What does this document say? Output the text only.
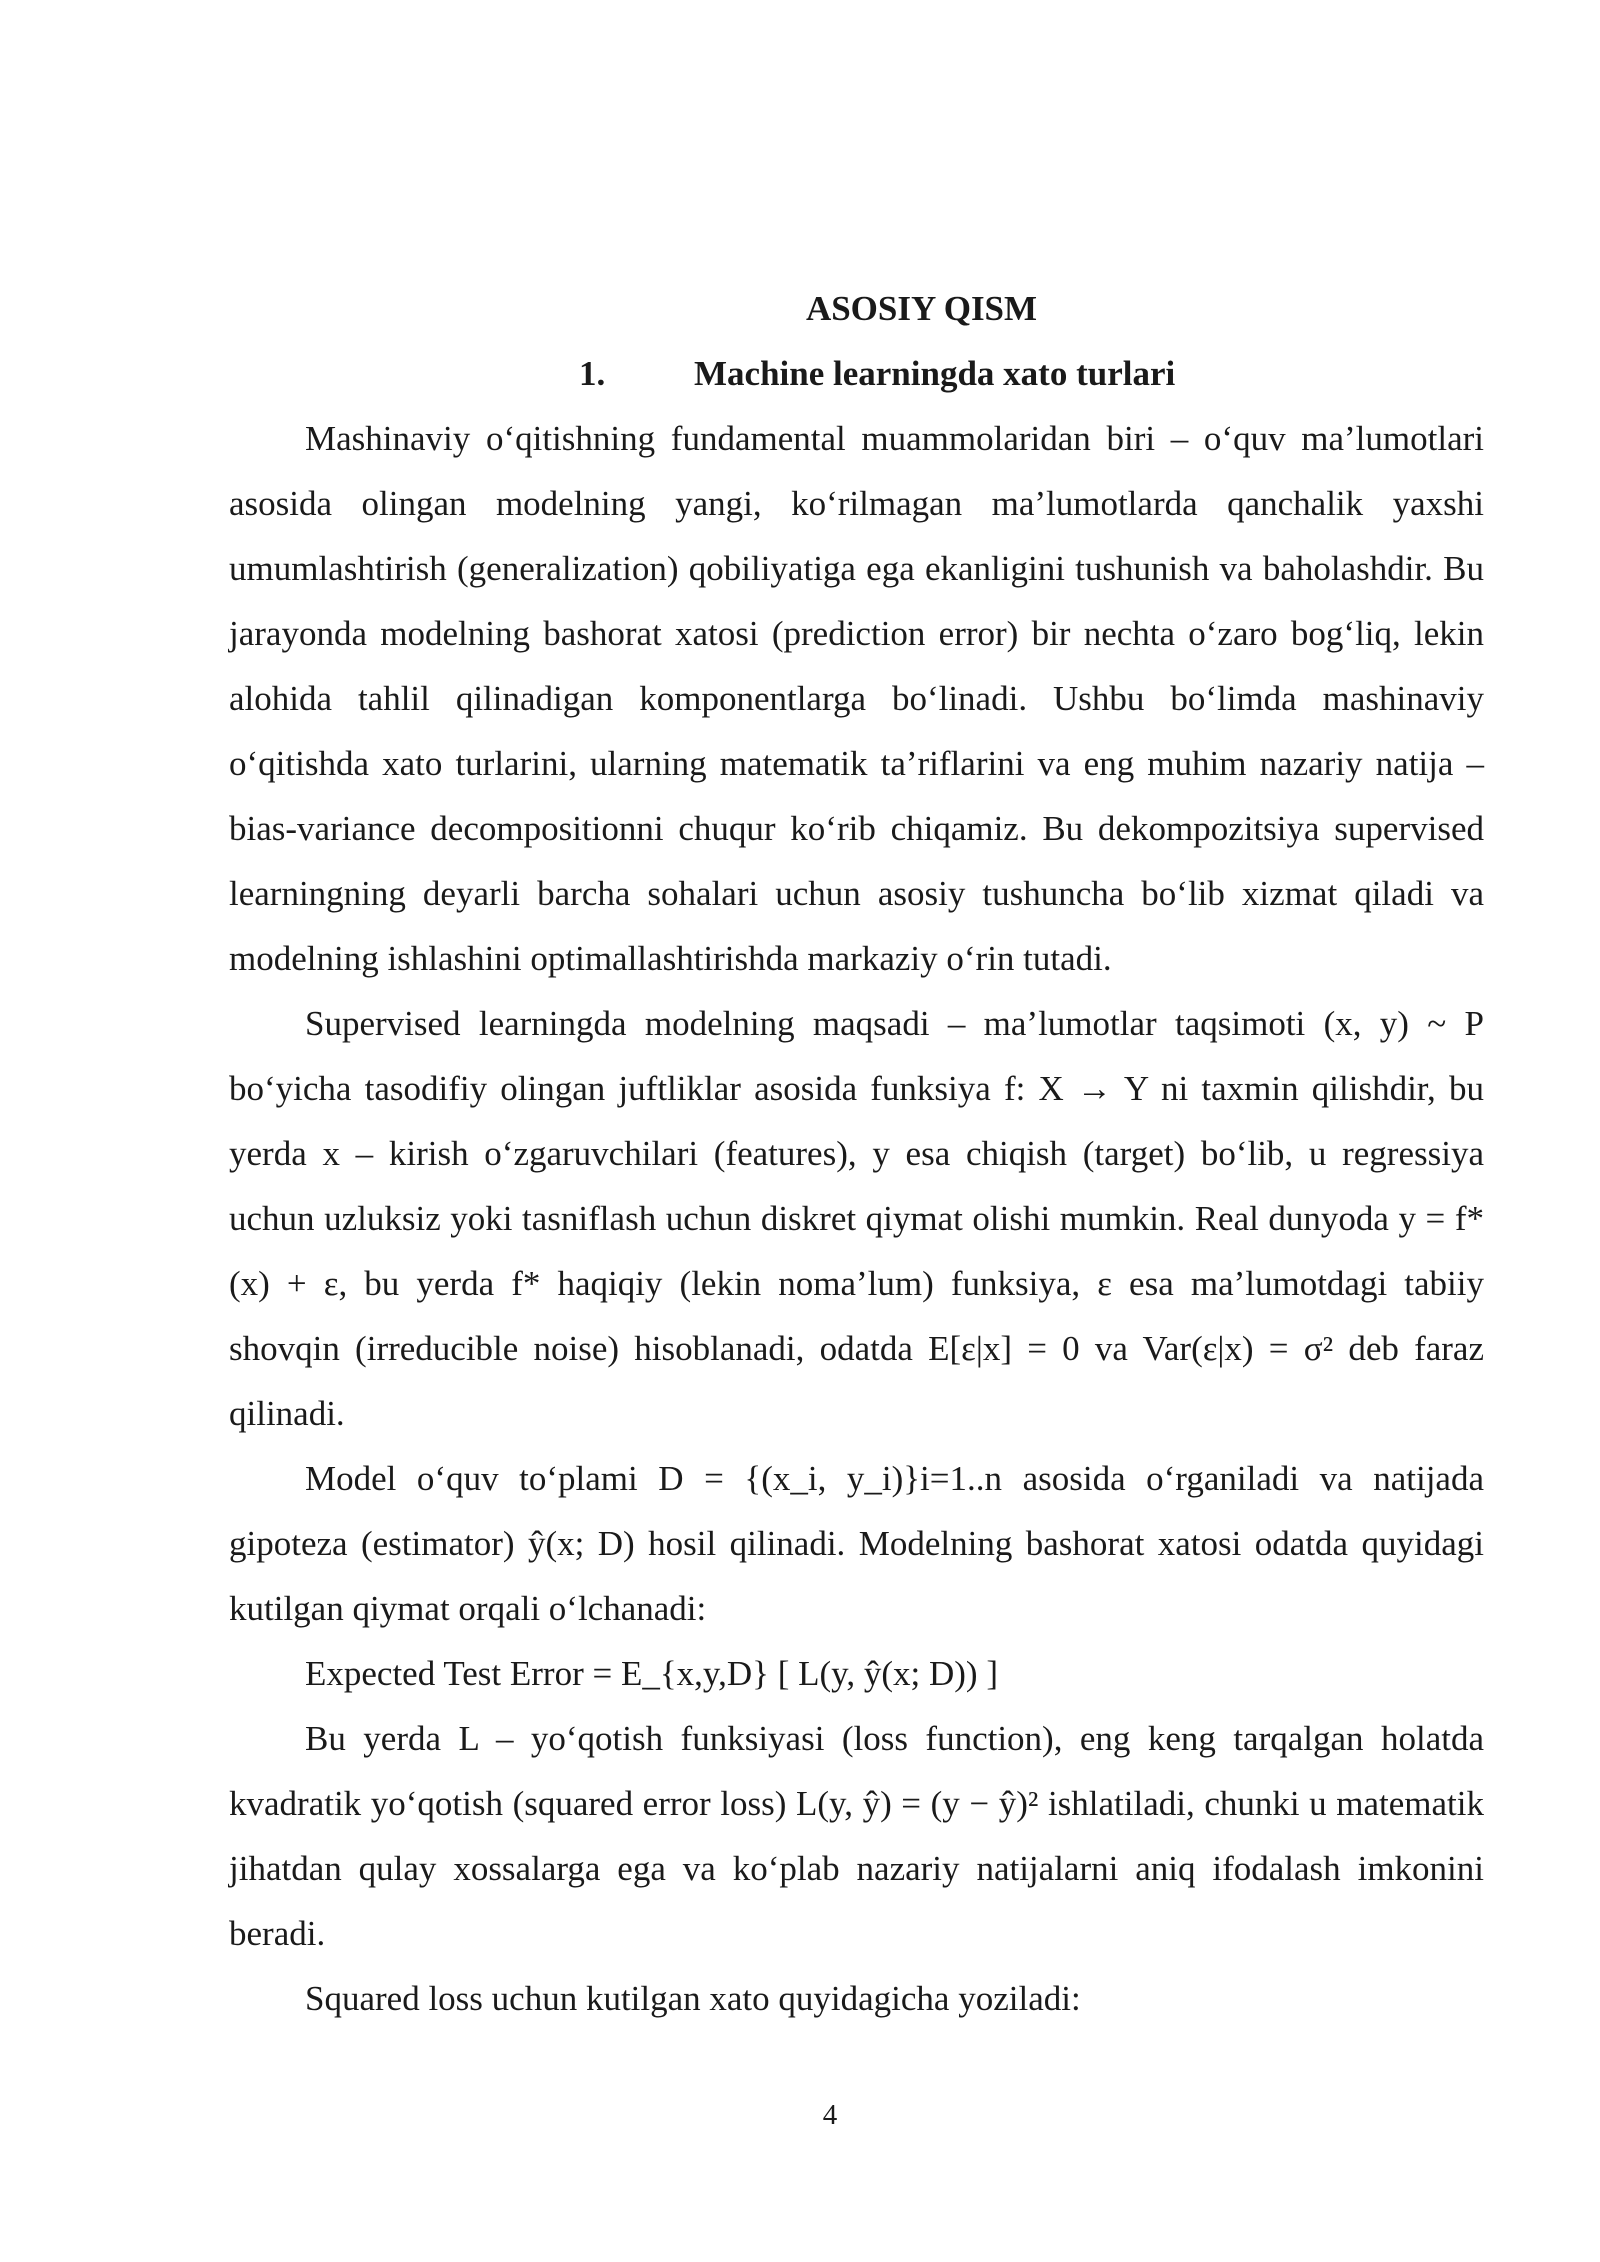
ASOSIY QISM
1.	Machine learningda xato turlari

Mashinaviy o‘qitishning fundamental muammolaridan biri – o‘quv ma’lumotlari asosida olingan modelning yangi, ko‘rilmagan ma’lumotlarda qanchalik yaxshi umumlashtirish (generalization) qobiliyatiga ega ekanligini tushunish va baholashdir. Bu jarayonda modelning bashorat xatosi (prediction error) bir nechta o‘zaro bog‘liq, lekin alohida tahlil qilinadigan komponentlarga bo‘linadi. Ushbu bo‘limda mashinaviy o‘qitishda xato turlarini, ularning matematik ta’riflarini va eng muhim nazariy natija – bias-variance decompositionni chuqur ko‘rib chiqamiz. Bu dekompozitsiya supervised learningning deyarli barcha sohalari uchun asosiy tushuncha bo‘lib xizmat qiladi va modelning ishlashini optimallashtirishda markaziy o‘rin tutadi.

Supervised learningda modelning maqsadi – ma’lumotlar taqsimoti (x, y) ~ P bo‘yicha tasodifiy olingan juftliklar asosida funksiya f: X → Y ni taxmin qilishdir, bu yerda x – kirish o‘zgaruvchilari (features), y esa chiqish (target) bo‘lib, u regressiya uchun uzluksiz yoki tasniflash uchun diskret qiymat olishi mumkin. Real dunyoda y = f*(x) + ε, bu yerda f* haqiqiy (lekin noma’lum) funksiya, ε esa ma’lumotdagi tabiiy shovqin (irreducible noise) hisoblanadi, odatda E[ε|x] = 0 va Var(ε|x) = σ² deb faraz qilinadi.

Model o‘quv to‘plami D = {(x_i, y_i)}i=1..n asosida o‘rganiladi va natijada gipoteza (estimator) ŷ(x; D) hosil qilinadi. Modelning bashorat xatosi odatda quyidagi kutilgan qiymat orqali o‘lchanadi:

Expected Test Error = E_{x,y,D} [ L(y, ŷ(x; D)) ]

Bu yerda L – yo‘qotish funksiyasi (loss function), eng keng tarqalgan holatda kvadratik yo‘qotish (squared error loss) L(y, ŷ) = (y − ŷ)² ishlatiladi, chunki u matematik jihatdan qulay xossalarga ega va ko‘plab nazariy natijalarni aniq ifodalash imkonini beradi.

Squared loss uchun kutilgan xato quyidagicha yoziladi:

4
